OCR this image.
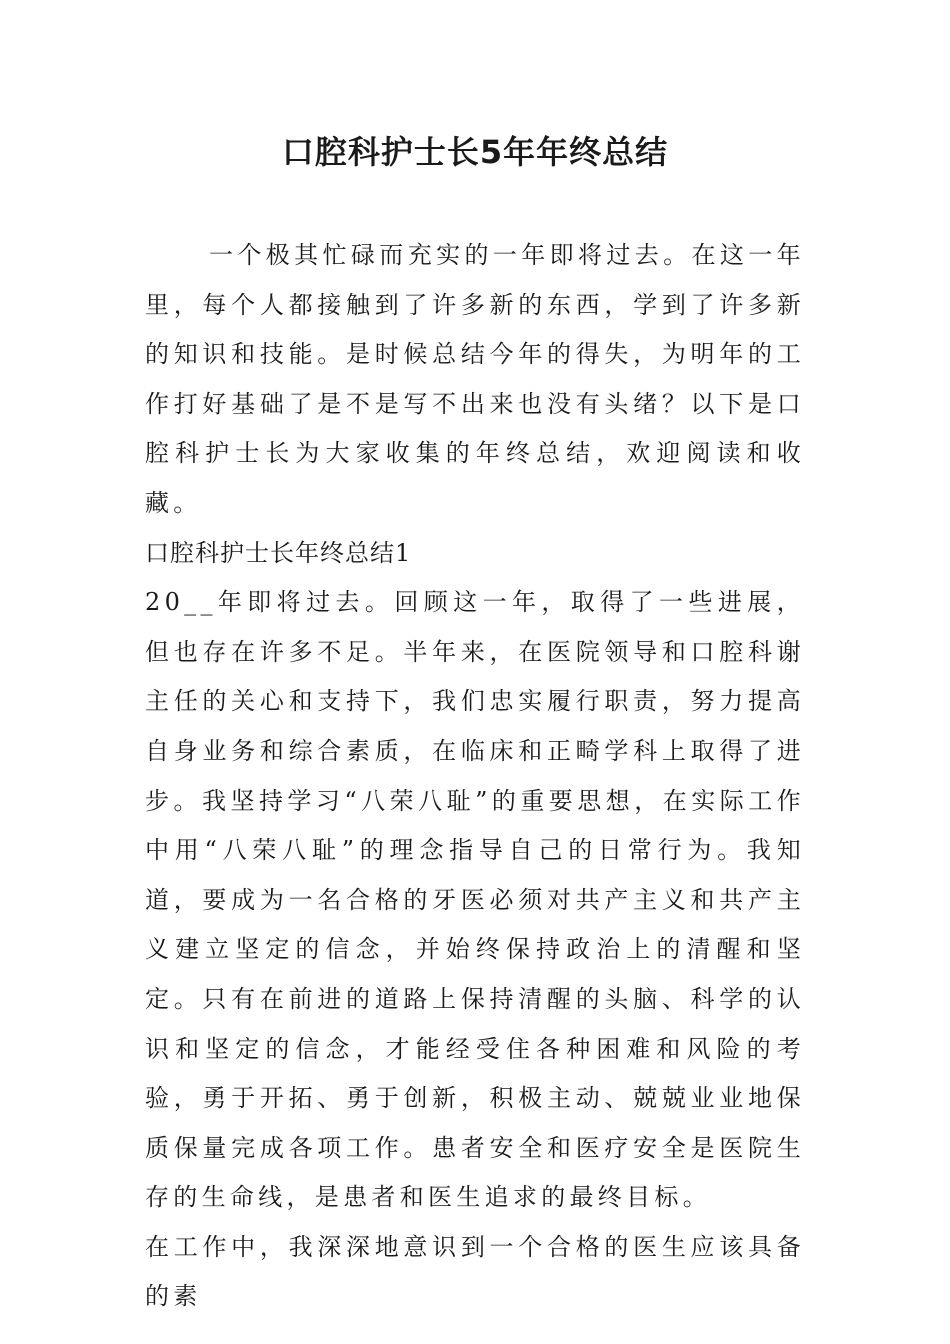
口腔科护士长5年年终总结

一个极其忙碌而充实的一年即将过去。在这一年里，每个人都接触到了许多新的东西，学到了许多新的知识和技能。是时候总结今年的得失，为明年的工作打好基础了是不是写不出来也没有头绪？以下是口腔科护士长为大家收集的年终总结，欢迎阅读和收藏。

口腔科护士长年终总结1

20__年即将过去。回顾这一年，取得了一些进展，但也存在许多不足。半年来，在医院领导和口腔科谢主任的关心和支持下，我们忠实履行职责，努力提高自身业务和综合素质，在临床和正畸学科上取得了进步。我坚持学习“八荣八耻”的重要思想，在实际工作中用“八荣八耻”的理念指导自己的日常行为。我知道，要成为一名合格的牙医必须对共产主义和共产主义建立坚定的信念，并始终保持政治上的清醒和坚定。只有在前进的道路上保持清醒的头脑、科学的认识和坚定的信念，才能经受住各种困难和风险的考验，勇于开拓、勇于创新，积极主动、兢兢业业地保质保量完成各项工作。患者安全和医疗安全是医院生存的生命线，是患者和医生追求的最终目标。

在工作中，我深深地意识到一个合格的医生应该具备的素
